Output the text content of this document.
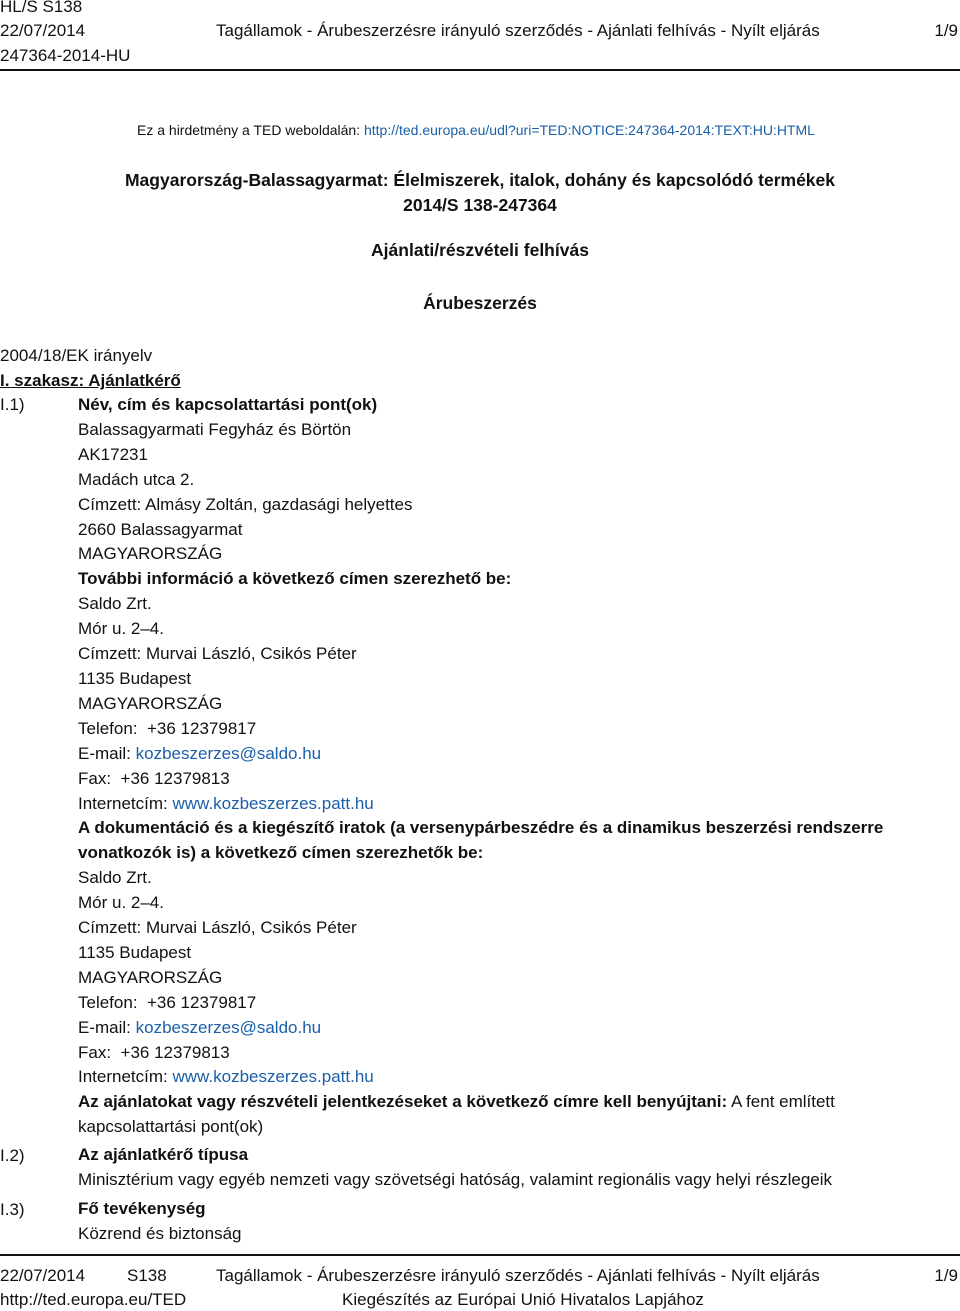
HL/S S138
22/07/2014
247364-2014-HU
Tagállamok - Árubeszerzésre irányuló szerződés - Ajánlati felhívás - Nyílt eljárás	1/9
Ez a hirdetmény a TED weboldalán: http://ted.europa.eu/udl?uri=TED:NOTICE:247364-2014:TEXT:HU:HTML
Magyarország-Balassagyarmat: Élelmiszerek, italok, dohány és kapcsolódó termékek
2014/S 138-247364
Ajánlati/részvételi felhívás
Árubeszerzés
2004/18/EK irányelv
I. szakasz: Ajánlatkérő
I.1)	Név, cím és kapcsolattartási pont(ok)
Balassagyarmati Fegyház és Börtön
AK17231
Madách utca 2.
Címzett: Almásy Zoltán, gazdasági helyettes
2660 Balassagyarmat
MAGYARORSZÁG
További információ a következő címen szerezhető be:
Saldo Zrt.
Mór u. 2–4.
Címzett: Murvai László, Csikós Péter
1135 Budapest
MAGYARORSZÁG
Telefon: +36 12379817
E-mail: kozbeszerzes@saldo.hu
Fax: +36 12379813
Internetcím: www.kozbeszerzes.patt.hu
A dokumentáció és a kiegészítő iratok (a versenypárbeszédre és a dinamikus beszerzési rendszerre vonatkozók is) a következő címen szerezhetők be:
Saldo Zrt.
Mór u. 2–4.
Címzett: Murvai László, Csikós Péter
1135 Budapest
MAGYARORSZÁG
Telefon: +36 12379817
E-mail: kozbeszerzes@saldo.hu
Fax: +36 12379813
Internetcím: www.kozbeszerzes.patt.hu
Az ajánlatokat vagy részvételi jelentkezéseket a következő címre kell benyújtani: A fent említett kapcsolattartási pont(ok)
I.2)	Az ajánlatkérő típusa
Minisztérium vagy egyéb nemzeti vagy szövetségi hatóság, valamint regionális vagy helyi részlegeik
I.3)	Fő tevékenység
Közrend és biztonság
22/07/2014 S138	Tagállamok - Árubeszerzésre irányuló szerződés - Ajánlati felhívás - Nyílt eljárás	1/9
http://ted.europa.eu/TED	Kiegészítés az Európai Unió Hivatalos Lapjához
